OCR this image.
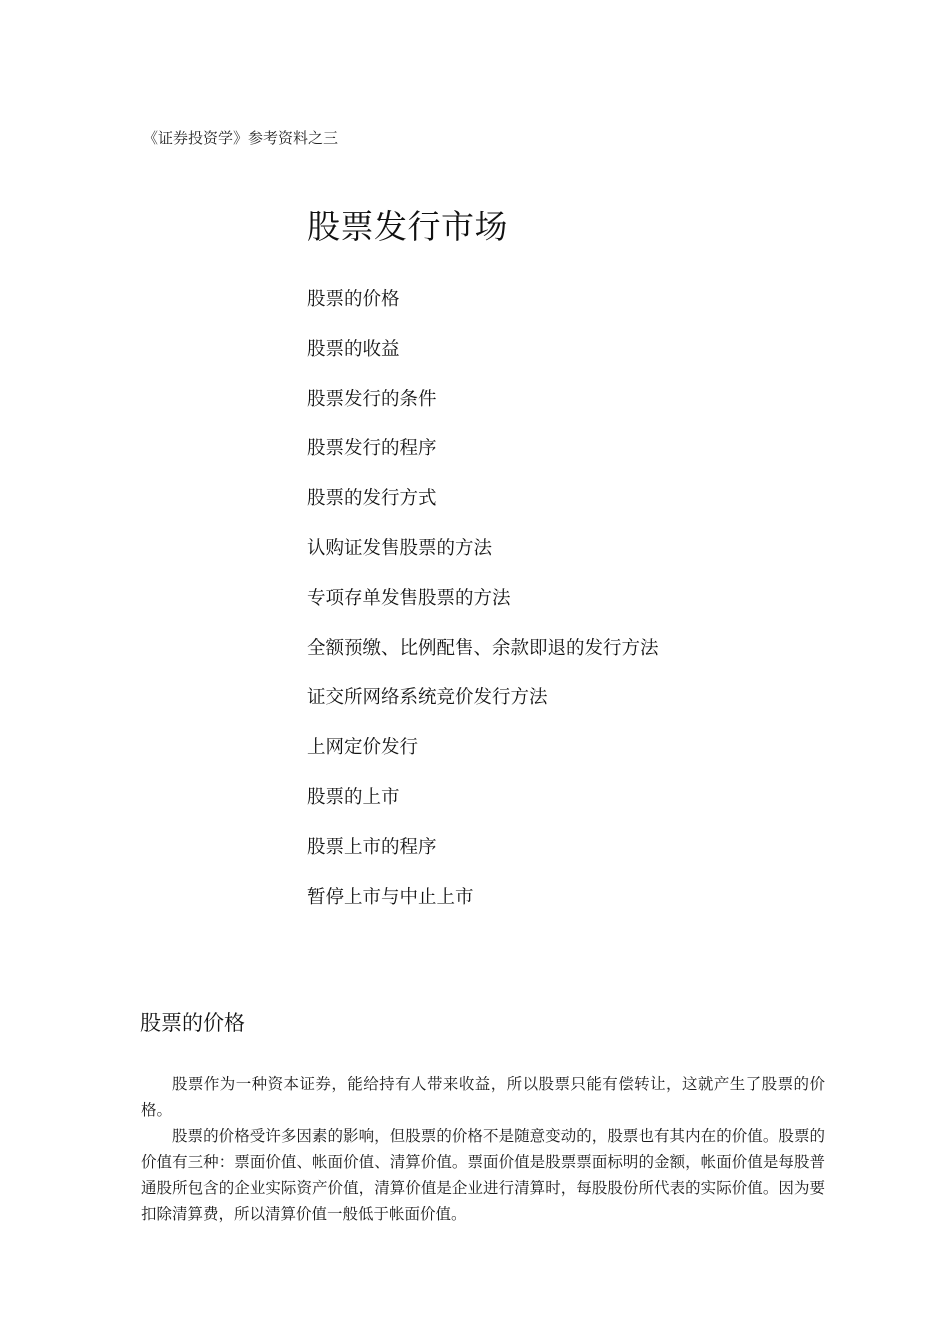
《证券投资学》参考资料之三
股票发行市场
股票的价格
股票的收益
股票发行的条件
股票发行的程序
股票的发行方式
认购证发售股票的方法
专项存单发售股票的方法
全额预缴、比例配售、余款即退的发行方法
证交所网络系统竞价发行方法
上网定价发行
股票的上市
股票上市的程序
暂停上市与中止上市
股票的价格

股票作为一种资本证券，能给持有人带来收益，所以股票只能有偿转让，这就产生了股票的价格。

股票的价格受许多因素的影响，但股票的价格不是随意变动的，股票也有其内在的价值。股票的价值有三种：票面价值、帐面价值、清算价值。票面价值是股票票面标明的金额，帐面价值是每股普通股所包含的企业实际资产价值，清算价值是企业进行清算时，每股股份所代表的实际价值。因为要扣除清算费，所以清算价值一般低于帐面价值。
